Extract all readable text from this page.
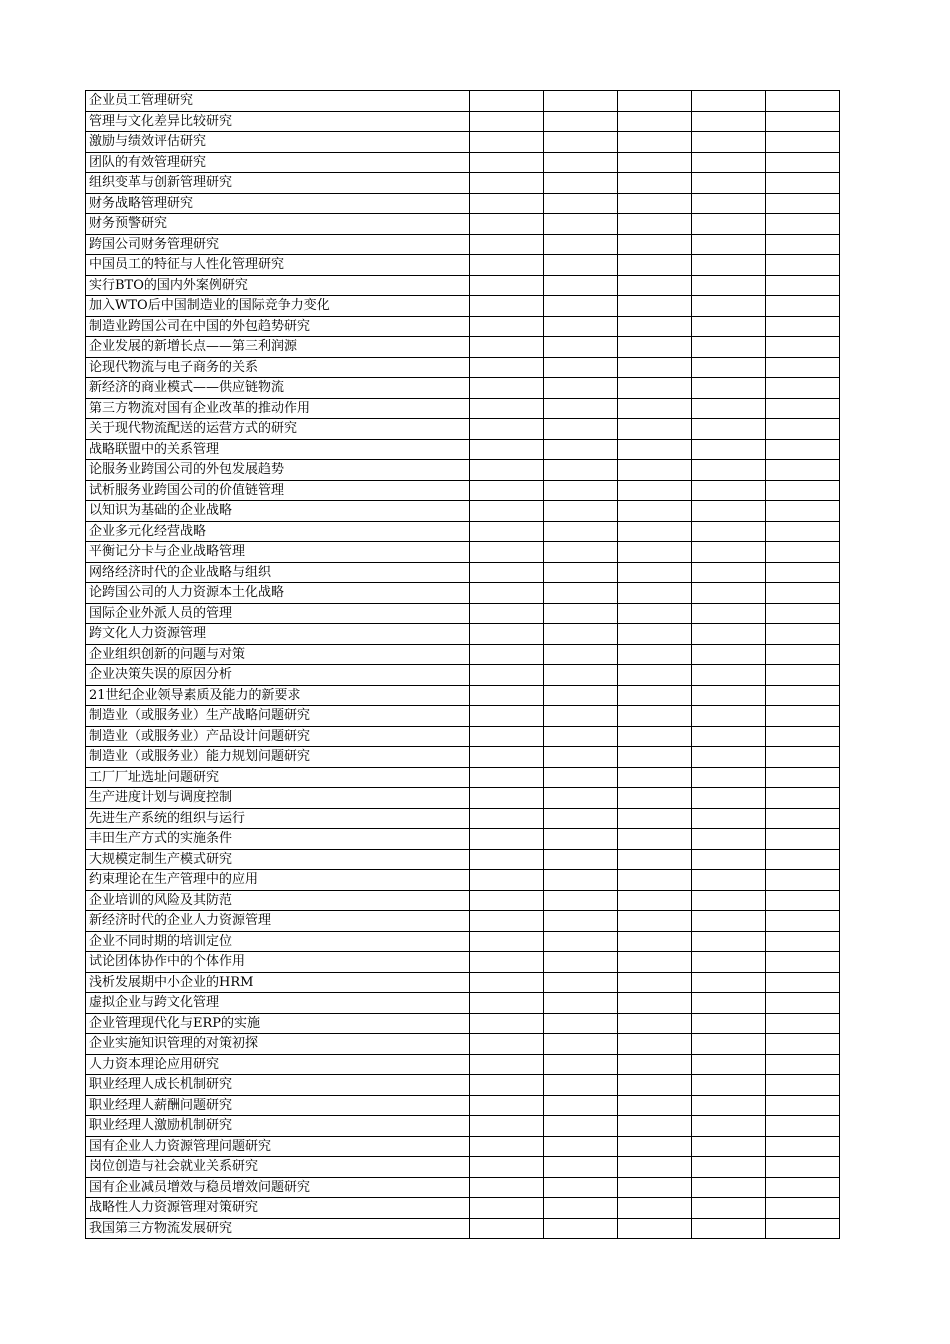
企业员工管理研究					
管理与文化差异比较研究					
激励与绩效评估研究					
团队的有效管理研究					
组织变革与创新管理研究					
财务战略管理研究					
财务预警研究					
跨国公司财务管理研究					
中国员工的特征与人性化管理研究					
实行BTO的国内外案例研究					
加入WTO后中国制造业的国际竞争力变化					
制造业跨国公司在中国的外包趋势研究					
企业发展的新增长点——第三利润源					
论现代物流与电子商务的关系					
新经济的商业模式——供应链物流					
第三方物流对国有企业改革的推动作用					
关于现代物流配送的运营方式的研究					
战略联盟中的关系管理					
论服务业跨国公司的外包发展趋势					
试析服务业跨国公司的价值链管理					
以知识为基础的企业战略					
企业多元化经营战略					
平衡记分卡与企业战略管理					
网络经济时代的企业战略与组织					
论跨国公司的人力资源本土化战略					
国际企业外派人员的管理					
跨文化人力资源管理					
企业组织创新的问题与对策					
企业决策失误的原因分析					
21世纪企业领导素质及能力的新要求					
制造业（或服务业）生产战略问题研究					
制造业（或服务业）产品设计问题研究					
制造业（或服务业）能力规划问题研究					
工厂厂址选址问题研究					
生产进度计划与调度控制					
先进生产系统的组织与运行					
丰田生产方式的实施条件					
大规模定制生产模式研究					
约束理论在生产管理中的应用					
企业培训的风险及其防范					
新经济时代的企业人力资源管理					
企业不同时期的培训定位					
试论团体协作中的个体作用					
浅析发展期中小企业的HRM					
虚拟企业与跨文化管理					
企业管理现代化与ERP的实施					
企业实施知识管理的对策初探					
人力资本理论应用研究					
职业经理人成长机制研究					
职业经理人薪酬问题研究					
职业经理人激励机制研究					
国有企业人力资源管理问题研究					
岗位创造与社会就业关系研究					
国有企业减员增效与稳员增效问题研究					
战略性人力资源管理对策研究					
我国第三方物流发展研究					
